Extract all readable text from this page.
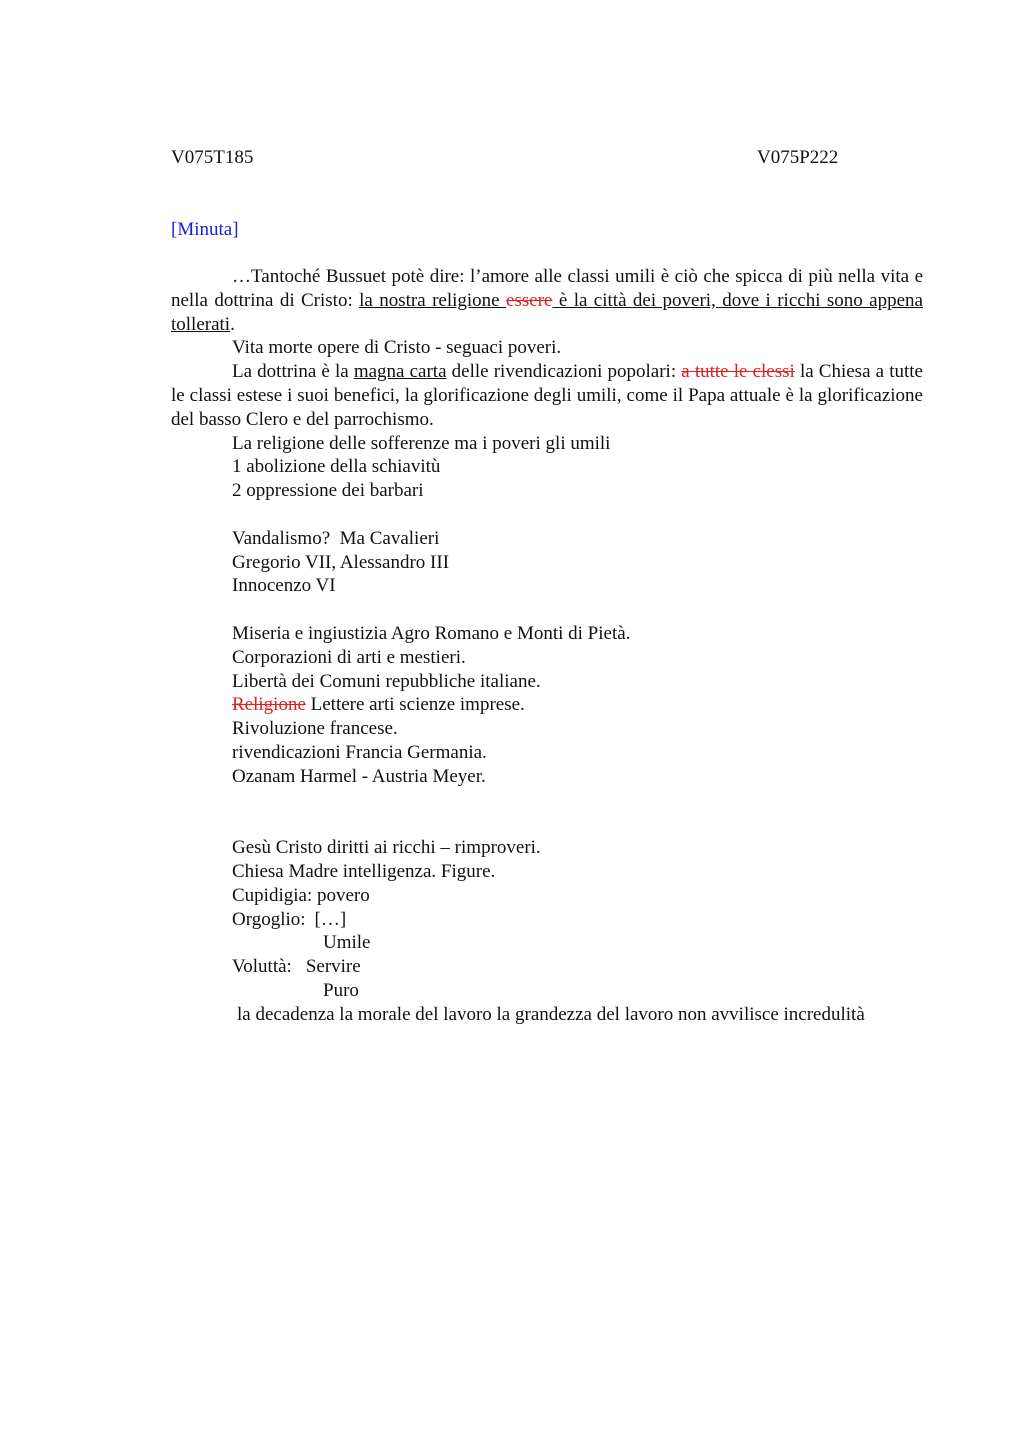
V075T185	V075P222
[Minuta]

…Tantoché Bussuet potè dire: l’amore alle classi umili è ciò che spicca di più nella vita e nella dottrina di Cristo: la nostra religione essere è la città dei poveri, dove i ricchi sono appena tollerati.

Vita morte opere di Cristo - seguaci poveri.

La dottrina è la magna carta delle rivendicazioni popolari: a tutte le clessi la Chiesa a tutte le classi estese i suoi benefici, la glorificazione degli umili, come il Papa attuale è la glorificazione del basso Clero e del parrochismo.

La religione delle sofferenze ma i poveri gli umili

1 abolizione della schiavitù

2 oppressione dei barbari

Vandalismo?  Ma Cavalieri

Gregorio VII, Alessandro III

Innocenzo VI

Miseria e ingiustizia Agro Romano e Monti di Pietà.

Corporazioni di arti e mestieri.

Libertà dei Comuni repubbliche italiane.

Religione Lettere arti scienze imprese.

Rivoluzione francese.

rivendicazioni Francia Germania.

Ozanam Harmel - Austria Meyer.

Gesù Cristo diritti ai ricchi – rimproveri.

Chiesa Madre intelligenza. Figure.

Cupidigia: povero

Orgoglio: […]

Umile

Voluttà: Servire

Puro

la decadenza la morale del lavoro la grandezza del lavoro non avvilisce incredulità
